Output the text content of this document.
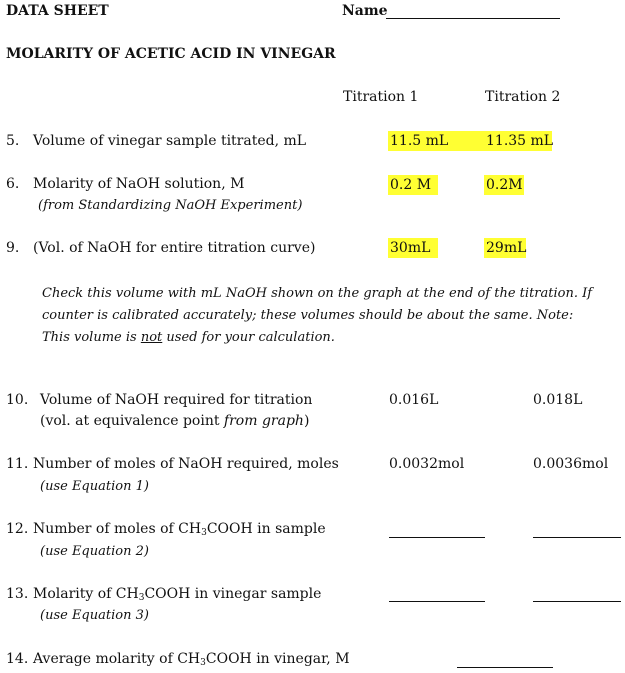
DATA SHEET	Name
MOLARITY OF ACETIC ACID IN VINEGAR
Titration 1	Titration 2
5. Volume of vinegar sample titrated, mL	11.5 mL	11.35 mL
6. Molarity of NaOH solution, M
(from Standardizing NaOH Experiment)
0.2 M	0.2M
9. (Vol. of NaOH for entire titration curve)	30mL	29mL
Check this volume with mL NaOH shown on the graph at the end of the titration. If counter is calibrated accurately; these volumes should be about the same. Note: This volume is not used for your calculation.
10. Volume of NaOH required for titration
(vol. at equivalence point from graph)
0.016L	0.018L
11. Number of moles of NaOH required, moles
(use Equation 1)
0.0032mol	0.0036mol
12. Number of moles of $CH_3COOH$ in sample
(use Equation 2)
13. Molarity of $CH_3COOH$ in vinegar sample
(use Equation 3)
14. Average molarity of $CH_3COOH$ in vinegar, M
